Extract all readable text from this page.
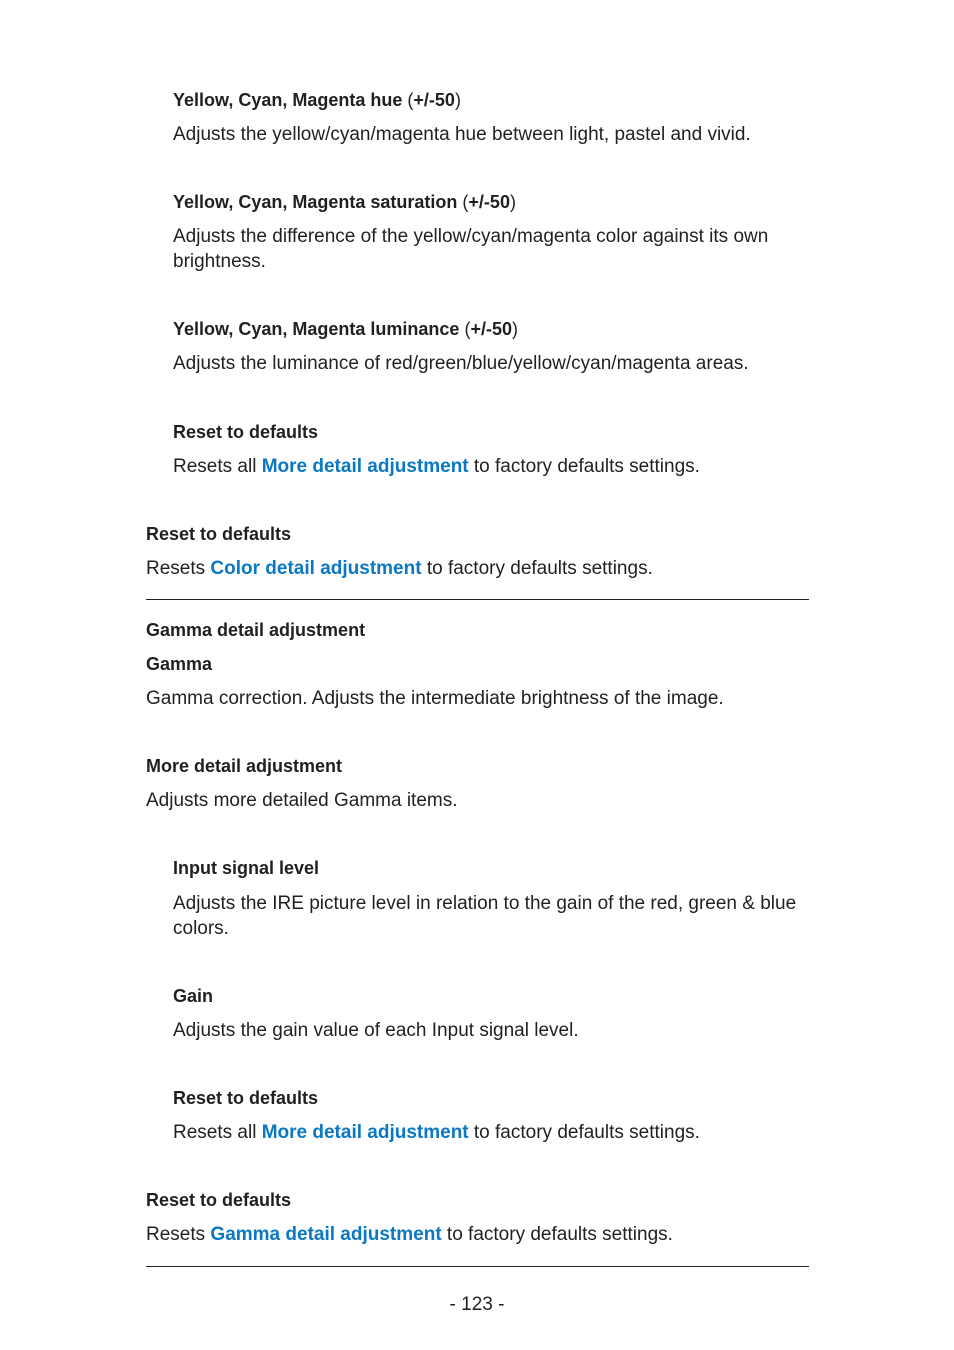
Yellow, Cyan, Magenta hue (+/-50)

Adjusts the yellow/cyan/magenta hue between light, pastel and vivid.

Yellow, Cyan, Magenta saturation (+/-50)

Adjusts the difference of the yellow/cyan/magenta color against its own brightness.

Yellow, Cyan, Magenta luminance (+/-50)

Adjusts the luminance of red/green/blue/yellow/cyan/magenta areas.

Reset to defaults

Resets all More detail adjustment to factory defaults settings.

Reset to defaults

Resets Color detail adjustment to factory defaults settings.

Gamma detail adjustment
Gamma

Gamma correction. Adjusts the intermediate brightness of the image.

More detail adjustment

Adjusts more detailed Gamma items.

Input signal level

Adjusts the IRE picture level in relation to the gain of the red, green & blue colors.

Gain

Adjusts the gain value of each Input signal level.

Reset to defaults

Resets all More detail adjustment to factory defaults settings.

Reset to defaults

Resets Gamma detail adjustment to factory defaults settings.

- 123 -
